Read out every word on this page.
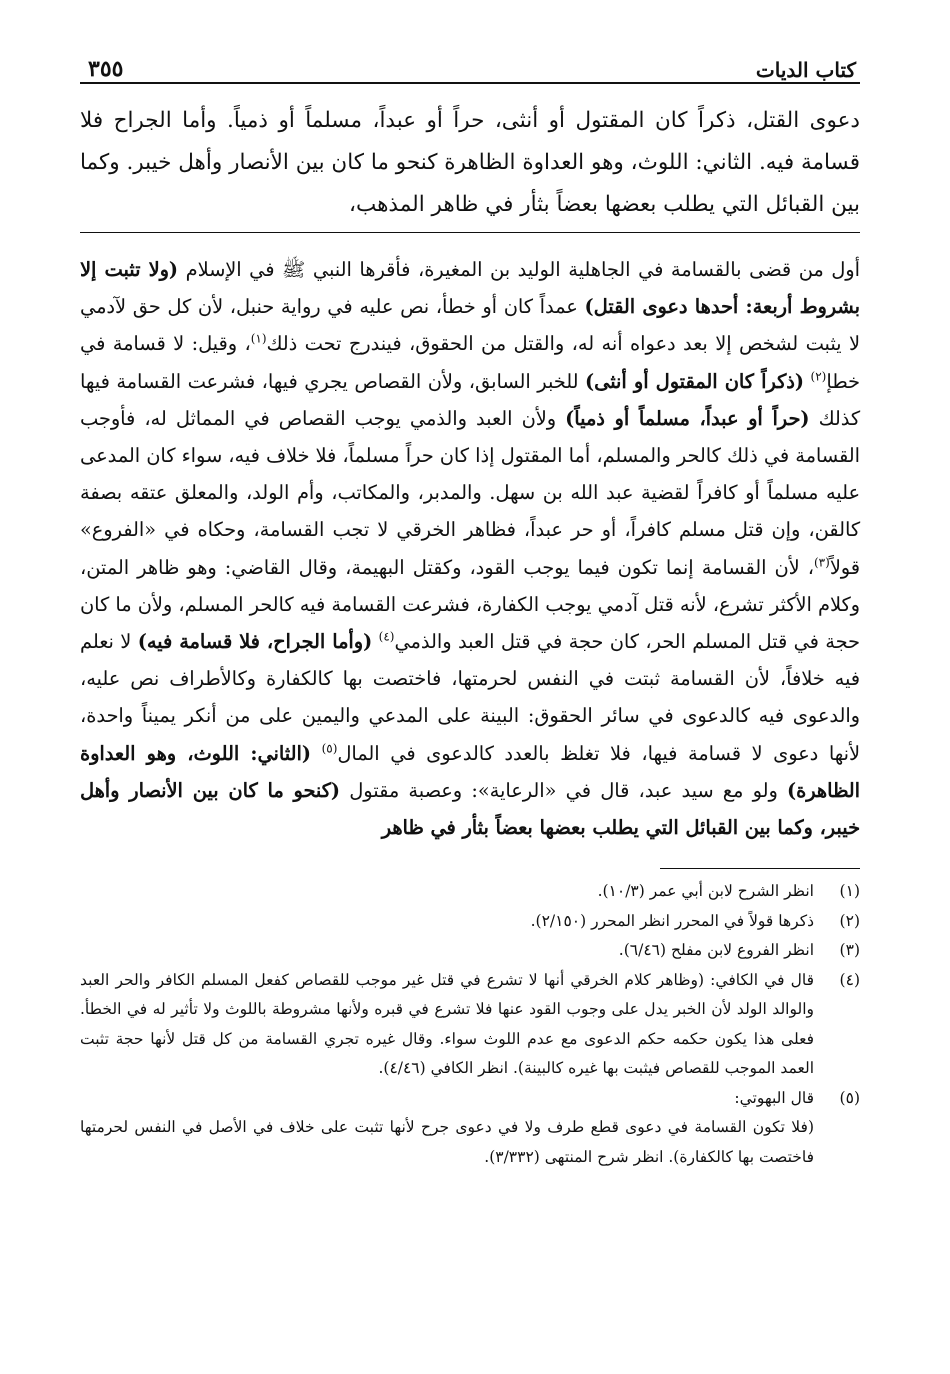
كتاب الديات
٣٥٥
دعوى القتل، ذكراً كان المقتول أو أنثى، حراً أو عبداً، مسلماً أو ذمياً. وأما الجراح فلا قسامة فيه. الثاني: اللوث، وهو العداوة الظاهرة كنحو ما كان بين الأنصار وأهل خيبر. وكما بين القبائل التي يطلب بعضها بعضاً بثأر في ظاهر المذهب،

أول من قضى بالقسامة في الجاهلية الوليد بن المغيرة، فأقرها النبي ﷺ في الإسلام (ولا تثبت إلا بشروط أربعة: أحدها دعوى القتل) عمداً كان أو خطأ، نص عليه في رواية حنبل، لأن كل حق لآدمي لا يثبت لشخص إلا بعد دعواه أنه له، والقتل من الحقوق، فيندرج تحت ذلك$^{(١)}$، وقيل: لا قسامة في خطإ$^{(٢)}$ (ذكراً كان المقتول أو أنثى) للخبر السابق، ولأن القصاص يجري فيها، فشرعت القسامة فيها كذلك (حراً أو عبداً، مسلماً أو ذمياً) ولأن العبد والذمي يوجب القصاص في المماثل له، فأوجب القسامة في ذلك كالحر والمسلم، أما المقتول إذا كان حراً مسلماً، فلا خلاف فيه، سواء كان المدعى عليه مسلماً أو كافراً لقضية عبد الله بن سهل. والمدبر، والمكاتب، وأم الولد، والمعلق عتقه بصفة كالقن، وإن قتل مسلم كافراً، أو حر عبداً، فظاهر الخرقي لا تجب القسامة، وحكاه في «الفروع» قولاً$^{(٣)}$، لأن القسامة إنما تكون فيما يوجب القود، وكقتل البهيمة، وقال القاضي: وهو ظاهر المتن، وكلام الأكثر تشرع، لأنه قتل آدمي يوجب الكفارة، فشرعت القسامة فيه كالحر المسلم، ولأن ما كان حجة في قتل المسلم الحر، كان حجة في قتل العبد والذمي$^{(٤)}$ (وأما الجراح، فلا قسامة فيه) لا نعلم فيه خلافاً، لأن القسامة ثبتت في النفس لحرمتها، فاختصت بها كالكفارة وكالأطراف نص عليه، والدعوى فيه كالدعوى في سائر الحقوق: البينة على المدعي واليمين على من أنكر يميناً واحدة، لأنها دعوى لا قسامة فيها، فلا تغلظ بالعدد كالدعوى في المال$^{(٥)}$ (الثاني: اللوث، وهو العداوة الظاهرة) ولو مع سيد عبد، قال في «الرعاية»: وعصبة مقتول (كنحو ما كان بين الأنصار وأهل خيبر، وكما بين القبائل التي يطلب بعضها بعضاً بثأر في ظاهر

(١)
انظر الشرح لابن أبي عمر (١٠/٣).
(٢)
ذكرها قولاً في المحرر انظر المحرر (٢/١٥٠).
(٣)
انظر الفروع لابن مفلح (٦/٤٦).
(٤)
قال في الكافي: (وظاهر كلام الخرقي أنها لا تشرع في قتل غير موجب للقصاص كفعل المسلم الكافر والحر العبد والوالد الولد لأن الخبر يدل على وجوب القود عنها فلا تشرع في قبره ولأنها مشروطة باللوث ولا تأثير له في الخطأ. فعلى هذا يكون حكمه حكم الدعوى مع عدم اللوث سواء. وقال غيره تجري القسامة من كل قتل لأنها حجة تثبت العمد الموجب للقصاص فيثبت بها غيره كالبينة). انظر الكافي (٤/٤٦).
(٥)
قال البهوتي:
(فلا تكون القسامة في دعوى قطع طرف ولا في دعوى جرح لأنها تثبت على خلاف في الأصل في النفس لحرمتها فاختصت بها كالكفارة). انظر شرح المنتهى (٣/٣٣٢).
